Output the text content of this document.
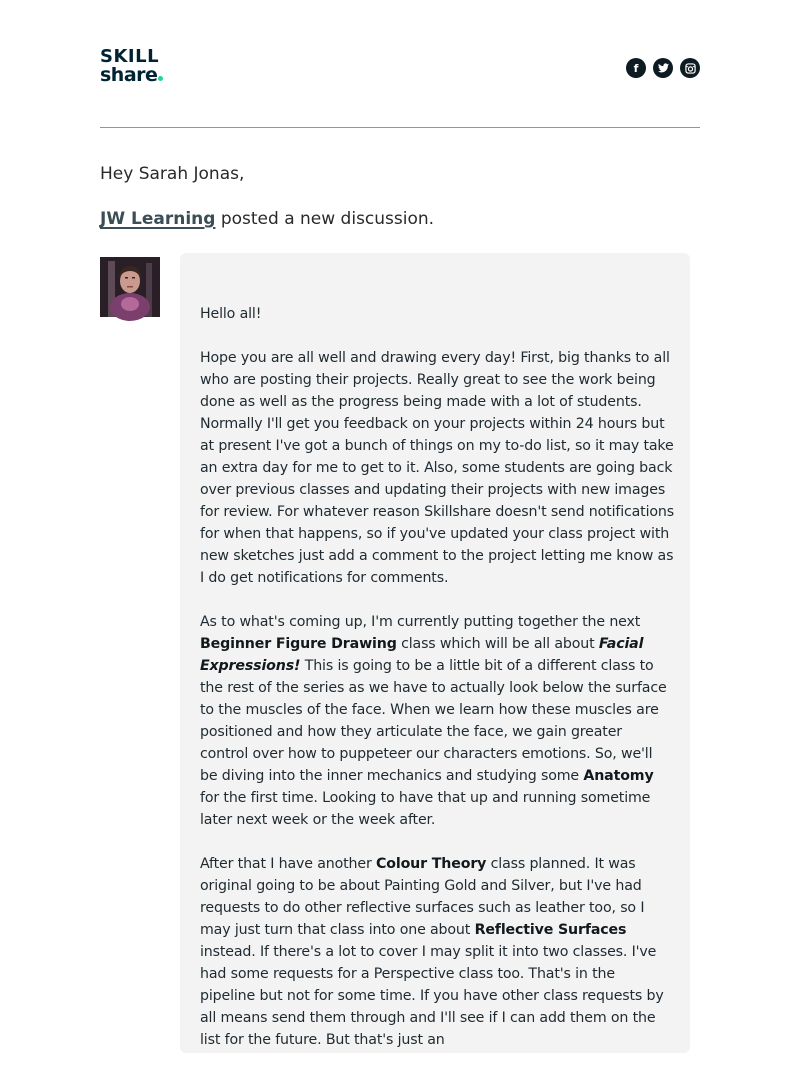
SKILL
share	f
Hey Sarah Jonas,
JW Learning posted a new discussion.

Hello all!

Hope you are all well and drawing every day! First, big thanks to all who are posting their projects. Really great to see the work being done as well as the progress being made with a lot of students. Normally I'll get you feedback on your projects within 24 hours but at present I've got a bunch of things on my to-do list, so it may take an extra day for me to get to it. Also, some students are going back over previous classes and updating their projects with new images for review. For whatever reason Skillshare doesn't send notifications for when that happens, so if you've updated your class project with new sketches just add a comment to the project letting me know as I do get notifications for comments.

As to what's coming up, I'm currently putting together the next Beginner Figure Drawing class which will be all about Facial Expressions! This is going to be a little bit of a different class to the rest of the series as we have to actually look below the surface to the muscles of the face. When we learn how these muscles are positioned and how they articulate the face, we gain greater control over how to puppeteer our characters emotions. So, we'll be diving into the inner mechanics and studying some Anatomy for the first time. Looking to have that up and running sometime later next week or the week after.

After that I have another Colour Theory class planned. It was original going to be about Painting Gold and Silver, but I've had requests to do other reflective surfaces such as leather too, so I may just turn that class into one about Reflective Surfaces instead. If there's a lot to cover I may split it into two classes. I've had some requests for a Perspective class too. That's in the pipeline but not for some time. If you have other class requests by all means send them through and I'll see if I can add them on the list for the future. But that's just an
